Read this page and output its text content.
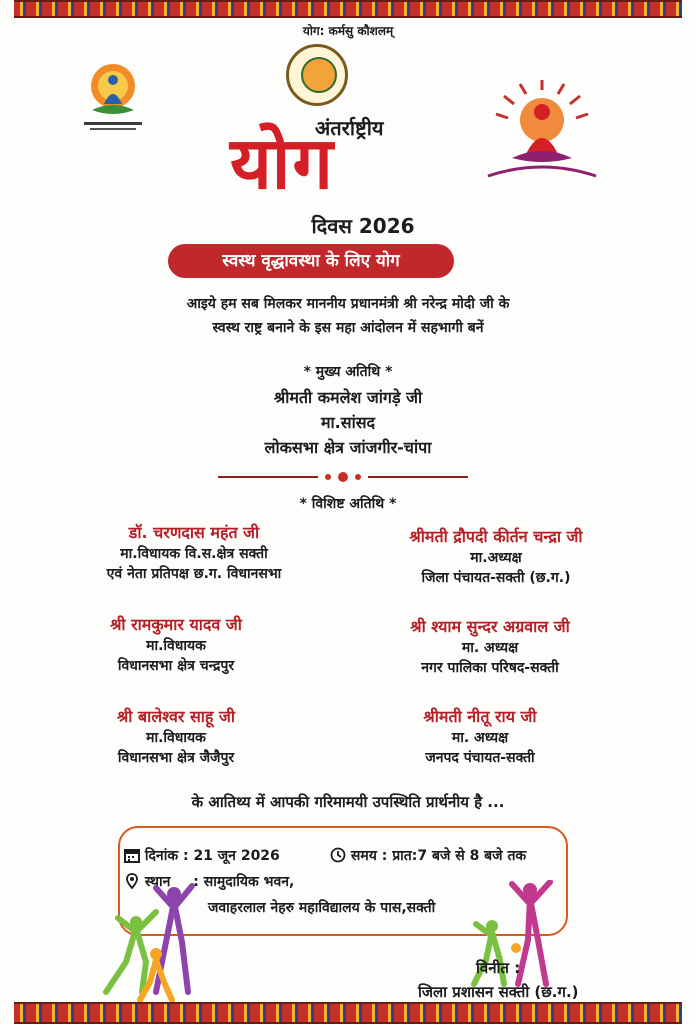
योग: कर्मसु कौशलम्
अंतर्राष्ट्रीय
योग
दिवस 2026
स्वस्थ वृद्धावस्था के लिए योग
आइये हम सब मिलकर माननीय प्रधानमंत्री श्री नरेन्द्र मोदी जी के
स्वस्थ राष्ट्र बनाने के इस महा आंदोलन में सहभागी बनें
* मुख्य अतिथि *
श्रीमती कमलेश जांगड़े जी
मा.सांसद
लोकसभा क्षेत्र जांजगीर-चांपा
* विशिष्ट अतिथि *
डॉ. चरणदास महंत जी
मा.विधायक वि.स.क्षेत्र सक्ती
एवं नेता प्रतिपक्ष छ.ग. विधानसभा
श्री रामकुमार यादव जी
मा.विधायक
विधानसभा क्षेत्र चन्द्रपुर
श्री बालेश्वर साहू जी
मा.विधायक
विधानसभा क्षेत्र जैजैपुर
श्रीमती द्रौपदी कीर्तन चन्द्रा जी
मा.अध्यक्ष
जिला पंचायत-सक्ती (छ.ग.)
श्री श्याम सुन्दर अग्रवाल जी
मा. अध्यक्ष
नगर पालिका परिषद-सक्ती
श्रीमती नीतू राय जी
मा. अध्यक्ष
जनपद पंचायत-सक्ती
के आतिथ्य में आपकी गरिमामयी उपस्थिति प्रार्थनीय है ...
दिनांक : 21 जून 2026	समय : प्रात:7 बजे से 8 बजे तक
स्थान : सामुदायिक भवन,
जवाहरलाल नेहरु महाविद्यालय के पास,सक्ती
विनीत :
जिला प्रशासन सक्ती (छ.ग.)
